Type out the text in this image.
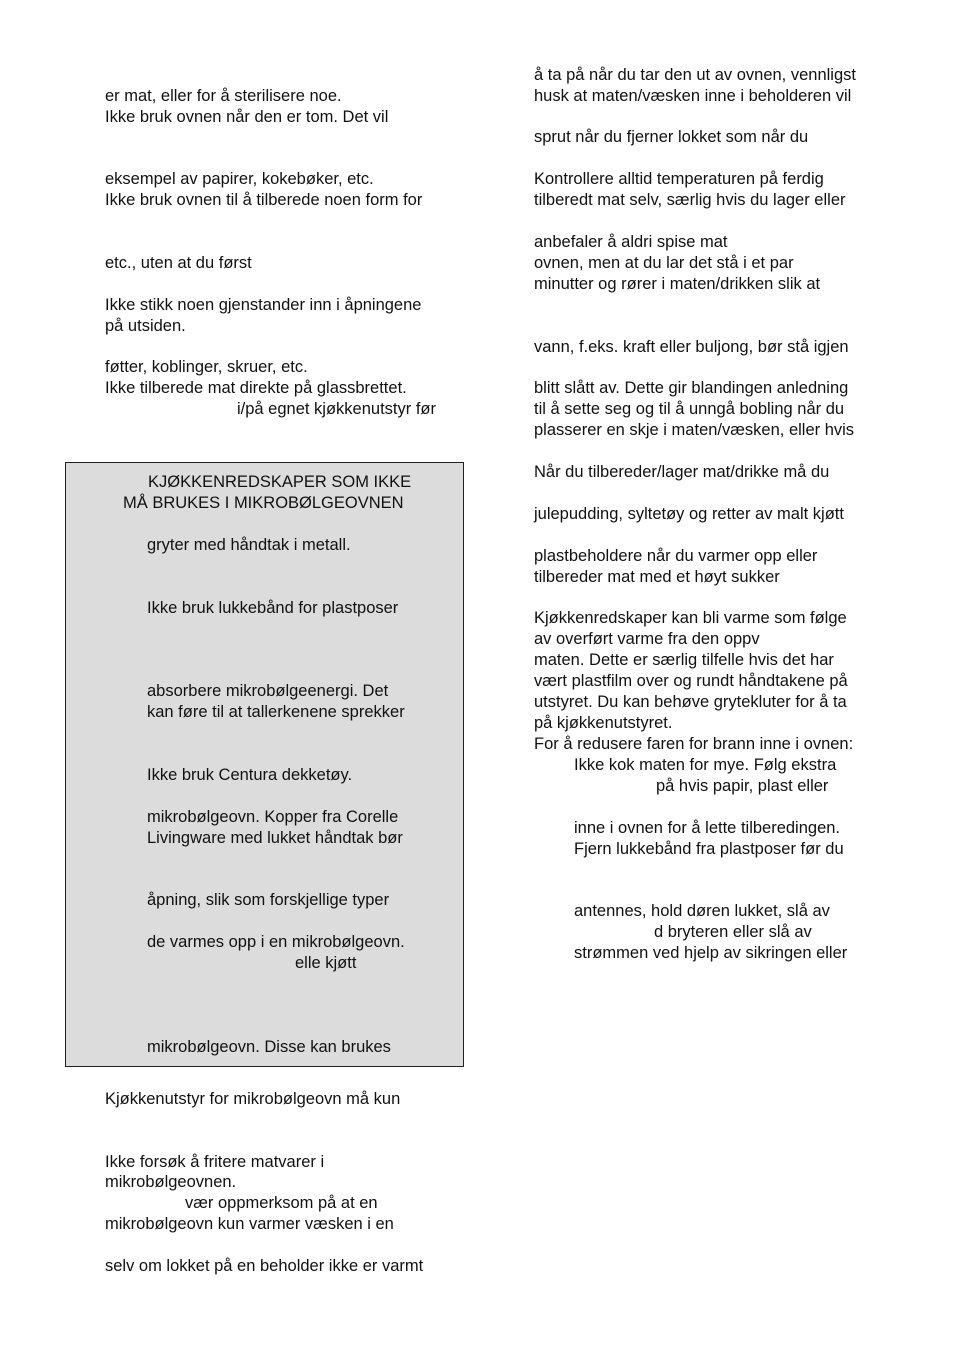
er mat, eller for å sterilisere noe.
Ikke bruk ovnen når den er tom. Det vil
eksempel av papirer, kokebøker, etc.
Ikke bruk ovnen til å tilberede noen form for
etc., uten at du først
Ikke stikk noen gjenstander inn i åpningene
på utsiden.
føtter, koblinger, skruer, etc.
Ikke tilberede mat direkte på glassbrettet.
i/på egnet kjøkkenutstyr før
KJØKKENREDSKAPER SOM IKKE
MÅ BRUKES I MIKROBØLGEOVNEN
gryter med håndtak i metall.
Ikke bruk lukkebånd for plastposer
absorbere mikrobølgeenergi. Det
kan føre til at tallerkenene sprekker
Ikke bruk Centura dekketøy.
mikrobølgeovn. Kopper fra Corelle
Livingware med lukket håndtak bør
åpning, slik som forskjellige typer
de varmes opp i en mikrobølgeovn.
elle kjøtt
mikrobølgeovn. Disse kan brukes
Kjøkkenutstyr for mikrobølgeovn må kun
Ikke forsøk å fritere matvarer i
mikrobølgeovnen.
vær oppmerksom på at en
mikrobølgeovn kun varmer væsken i en
selv om lokket på en beholder ikke er varmt
å ta på når du tar den ut av ovnen, vennligst
husk at maten/væsken inne i beholderen vil
sprut når du fjerner lokket som når du
Kontrollere alltid temperaturen på ferdig
tilberedt mat selv, særlig hvis du lager eller
anbefaler å aldri spise mat
ovnen, men at du lar det stå i et par
minutter og rører i maten/drikken slik at
vann, f.eks. kraft eller buljong, bør stå igjen
blitt slått av. Dette gir blandingen anledning
til å sette seg og til å unngå bobling når du
plasserer en skje i maten/væsken, eller hvis
Når du tilbereder/lager mat/drikke må du
julepudding, syltetøy og retter av malt kjøtt
plastbeholdere når du varmer opp eller
tilbereder mat med et høyt sukker
Kjøkkenredskaper kan bli varme som følge
av overført varme fra den oppv
maten. Dette er særlig tilfelle hvis det har
vært plastfilm over og rundt håndtakene på
utstyret. Du kan behøve grytekluter for å ta
på kjøkkenutstyret.
For å redusere faren for brann inne i ovnen:
Ikke kok maten for mye. Følg ekstra
på hvis papir, plast eller
inne i ovnen for å lette tilberedingen.
Fjern lukkebånd fra plastposer før du
antennes, hold døren lukket, slå av
d bryteren eller slå av
strømmen ved hjelp av sikringen eller
